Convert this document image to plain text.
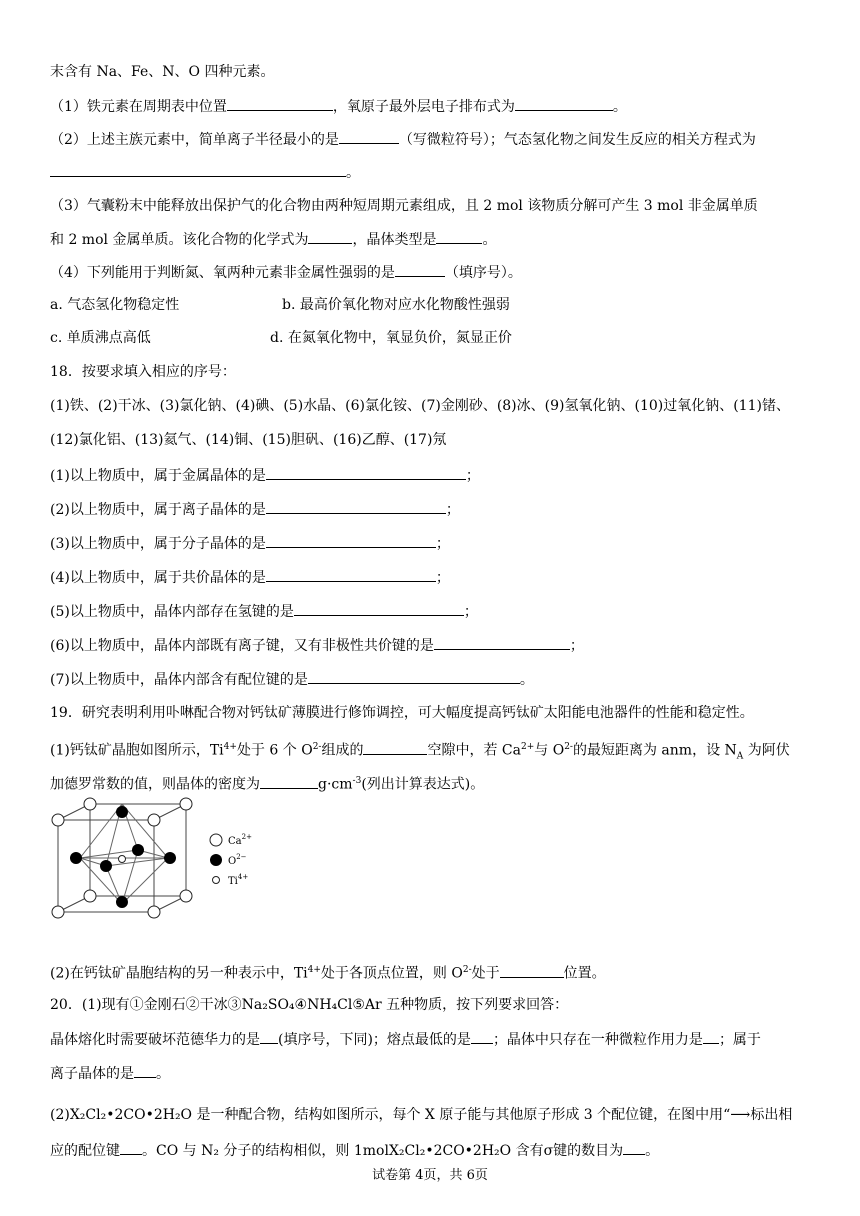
末含有 Na、Fe、N、O 四种元素。
（1）铁元素在周期表中位置	，氧原子最外层电子排布式为	。
（2）上述主族元素中，简单离子半径最小的是	（写微粒符号）；气态氢化物之间发生反应的相关方程式为
。
（3）气囊粉末中能释放出保护气的化合物由两种短周期元素组成，且 2 mol 该物质分解可产生 3 mol 非金属单质
和 2 mol 金属单质。该化合物的化学式为	，晶体类型是	。
（4）下列能用于判断氮、氧两种元素非金属性强弱的是	（填序号）。
a. 气态氢化物稳定性	b. 最高价氧化物对应水化物酸性强弱
c. 单质沸点高低	d. 在氮氧化物中，氧显负价，氮显正价
18．按要求填入相应的序号：
(1)铁、(2)干冰、(3)氯化钠、(4)碘、(5)水晶、(6)氯化铵、(7)金刚砂、(8)冰、(9)氢氧化钠、(10)过氧化钠、(11)锗、
(12)氯化铝、(13)氦气、(14)铜、(15)胆矾、(16)乙醇、(17)氖
(1)以上物质中，属于金属晶体的是	；
(2)以上物质中，属于离子晶体的是	；
(3)以上物质中，属于分子晶体的是	；
(4)以上物质中，属于共价晶体的是	；
(5)以上物质中，晶体内部存在氢键的是	；
(6)以上物质中，晶体内部既有离子键，又有非极性共价键的是	；
(7)以上物质中，晶体内部含有配位键的是	。
19．研究表明利用卟啉配合物对钙钛矿薄膜进行修饰调控，可大幅度提高钙钛矿太阳能电池器件的性能和稳定性。
(1)钙钛矿晶胞如图所示，$Ti^{4+}$处于 6 个 $O^{2-}$组成的	空隙中，若 $Ca^{2+}$与 $O^{2-}$的最短距离为 anm，设 $N_A$ 为阿伏
加德罗常数的值，则晶体的密度为	$g\cdot cm^{-3}$(列出计算表达式)。
$Ca^{2+}$
$O^{2-}$
$Ti^{4+}$
(2)在钙钛矿晶胞结构的另一种表示中，$Ti^{4+}$处于各顶点位置，则 $O^{2-}$处于	位置。
20．(1)现有①金刚石②干冰③Na₂SO₄④NH₄Cl⑤Ar 五种物质，按下列要求回答：
晶体熔化时需要破坏范德华力的是 (填序号，下同)；熔点最低的是 ；晶体中只存在一种微粒作用力是 ；属于
离子晶体的是 。
(2)X₂Cl₂•2CO•2H₂O 是一种配合物，结构如图所示，每个 X 原子能与其他原子形成 3 个配位键，在图中用“⟶标出相
应的配位键 。CO 与 N₂ 分子的结构相似，则 1molX₂Cl₂•2CO•2H₂O 含有σ键的数目为 。
试卷第 4页，共 6页
